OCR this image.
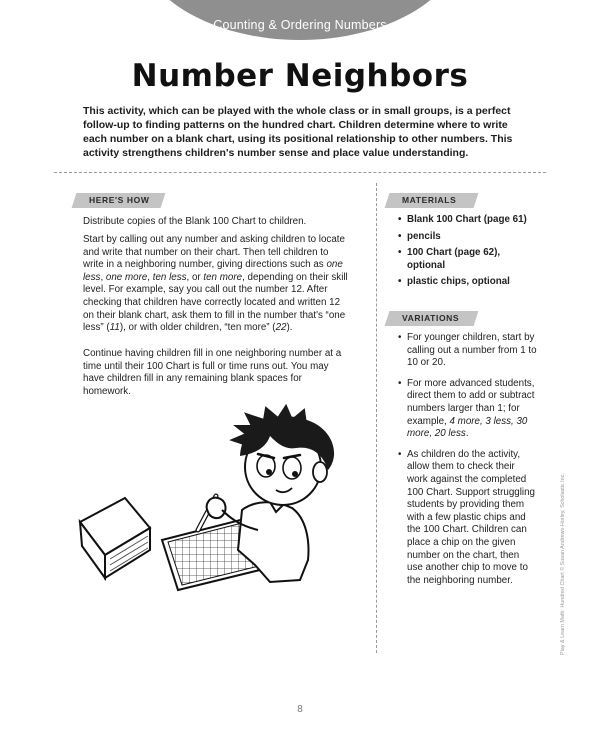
Counting & Ordering Numbers
Number Neighbors

This activity, which can be played with the whole class or in small groups, is a perfect follow-up to finding patterns on the hundred chart. Children determine where to write each number on a blank chart, using its positional relationship to other numbers. This activity strengthens children's number sense and place value understanding.

HERE'S HOW

Distribute copies of the Blank 100 Chart to children.

Start by calling out any number and asking children to locate and write that number on their chart. Then tell children to write in a neighboring number, giving directions such as one less, one more, ten less, or ten more, depending on their skill level. For example, say you call out the number 12. After checking that children have correctly located and written 12 on their blank chart, ask them to fill in the number that's “one less” (11), or with older children, “ten more” (22).

Continue having children fill in one neighboring number at a time until their 100 Chart is full or time runs out. You may have children fill in any remaining blank spaces for homework.

MATERIALS
• Blank 100 Chart (page 61)
• pencils
• 100 Chart (page 62), optional
• plastic chips, optional
VARIATIONS
• For younger children, start by calling out a number from 1 to 10 or 20.
• For more advanced students, direct them to add or subtract numbers larger than 1; for example, 4 more, 3 less, 30 more, 20 less.
• As children do the activity, allow them to check their work against the completed 100 Chart. Support struggling students by providing them with a few plastic chips and the 100 Chart. Children can place a chip on the given number on the chart, then use another chip to move to the neighboring number.	Play & Learn Math: Hundred Chart © Susan Andrews-Hurley, Scholastic Inc.
8
